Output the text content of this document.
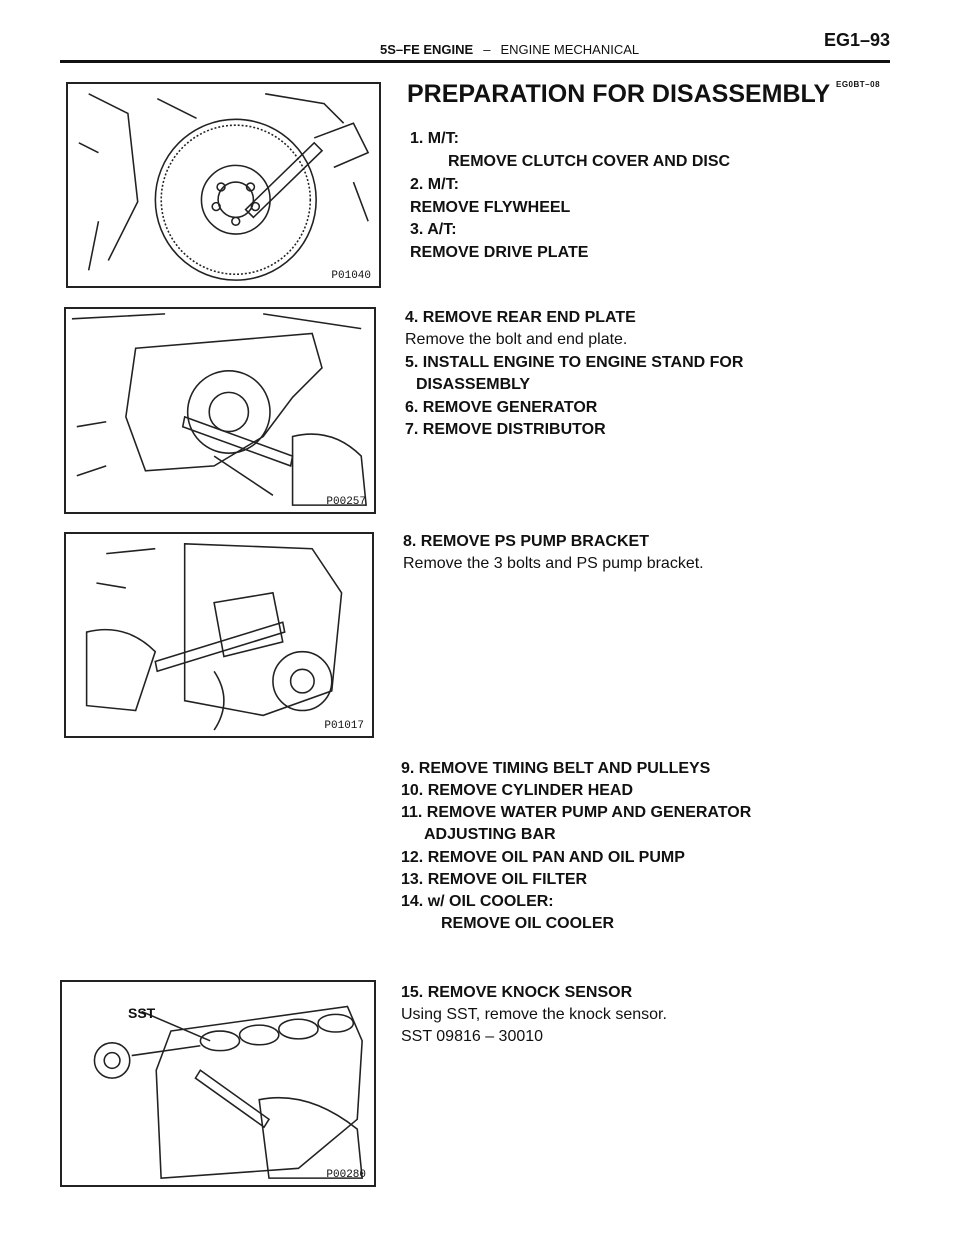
5S–FE ENGINE – ENGINE MECHANICAL	EG1–93
PREPARATION FOR DISASSEMBLY EG0BT–08
P01040
P00257
P01017
SST
P00280
1. M/T:
REMOVE CLUTCH COVER AND DISC
2. M/T:
REMOVE FLYWHEEL
3. A/T:
REMOVE DRIVE PLATE
4. REMOVE REAR END PLATE
Remove the bolt and end plate.
5. INSTALL ENGINE TO ENGINE STAND FOR
DISASSEMBLY
6. REMOVE GENERATOR
7. REMOVE DISTRIBUTOR
8. REMOVE PS PUMP BRACKET
Remove the 3 bolts and PS pump bracket.
9. REMOVE TIMING BELT AND PULLEYS
10. REMOVE CYLINDER HEAD
11. REMOVE WATER PUMP AND GENERATOR
ADJUSTING BAR
12. REMOVE OIL PAN AND OIL PUMP
13. REMOVE OIL FILTER
14. w/ OIL COOLER:
REMOVE OIL COOLER
15. REMOVE KNOCK SENSOR
Using SST, remove the knock sensor.
SST 09816 – 30010
